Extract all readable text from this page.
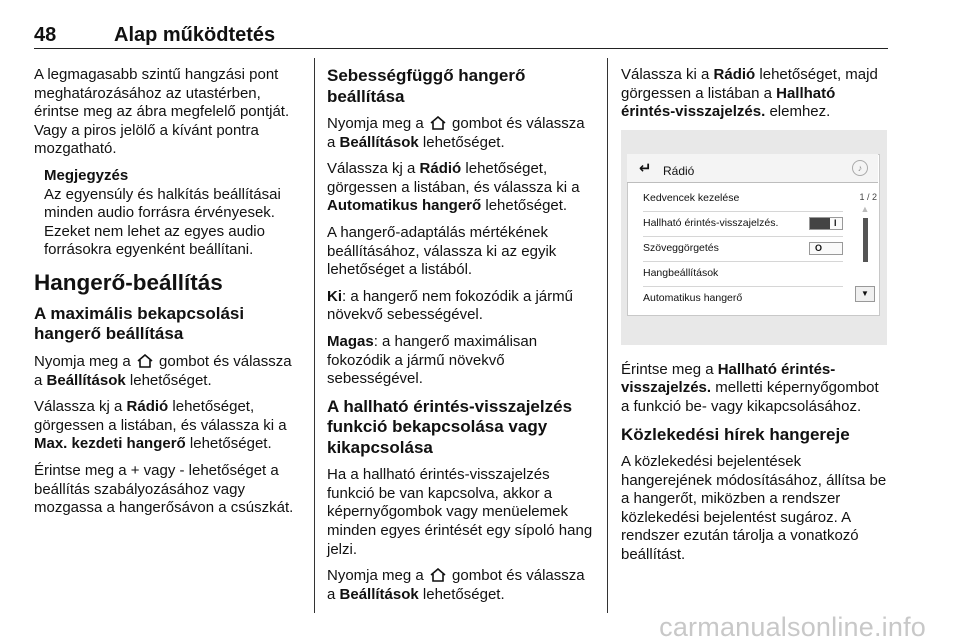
48	Alap működtetés

A legmagasabb szintű hangzási pont meghatározásához az utastérben, érintse meg az ábra megfelelő pontját. Vagy a piros jelölő a kívánt pontra mozgatható.

Megjegyzés
Az egyensúly és halkítás beállításai minden audio forrásra érvényesek. Ezeket nem lehet az egyes audio forrásokra egyenként beállítani.
Hangerő-beállítás
A maximális bekapcsolási hangerő beállítása

Nyomja meg a gombot és válassza a Beállítások lehetőséget.

Válassza kj a Rádió lehetőséget, görgessen a listában, és válassza ki a Max. kezdeti hangerő lehetőséget.

Érintse meg a + vagy - lehetőséget a beállítás szabályozásához vagy mozgassa a hangerősávon a csúszkát.

Sebességfüggő hangerő beállítása

Nyomja meg a gombot és válassza a Beállítások lehetőséget.

Válassza kj a Rádió lehetőséget, görgessen a listában, és válassza ki a Automatikus hangerő lehetőséget.

A hangerő-adaptálás mértékének beállításához, válassza ki az egyik lehetőséget a listából.

Ki: a hangerő nem fokozódik a jármű növekvő sebességével.

Magas: a hangerő maximálisan fokozódik a jármű növekvő sebességével.

A hallható érintés-visszajelzés funkció bekapcsolása vagy kikapcsolása

Ha a hallható érintés-visszajelzés funkció be van kapcsolva, akkor a képernyőgombok vagy menüelemek minden egyes érintését egy sípoló hang jelzi.

Nyomja meg a gombot és válassza a Beállítások lehetőséget.

Válassza ki a Rádió lehetőséget, majd görgessen a listában a Hallható érintés-visszajelzés. elemhez.

↵ Rádió	♪
Kedvencek kezelése
Hallható érintés-visszajelzés.	I
Szöveggörgetés	O
Hangbeállítások
Automatikus hangerő
1 / 2
▲
▼

Érintse meg a Hallható érintés-visszajelzés. melletti képernyőgombot a funkció be- vagy kikapcsolásához.

Közlekedési hírek hangereje

A közlekedési bejelentések hangerejének módosításához, állítsa be a hangerőt, miközben a rendszer közlekedési bejelentést sugároz. A rendszer ezután tárolja a vonatkozó beállítást.

carmanualsonline.info
